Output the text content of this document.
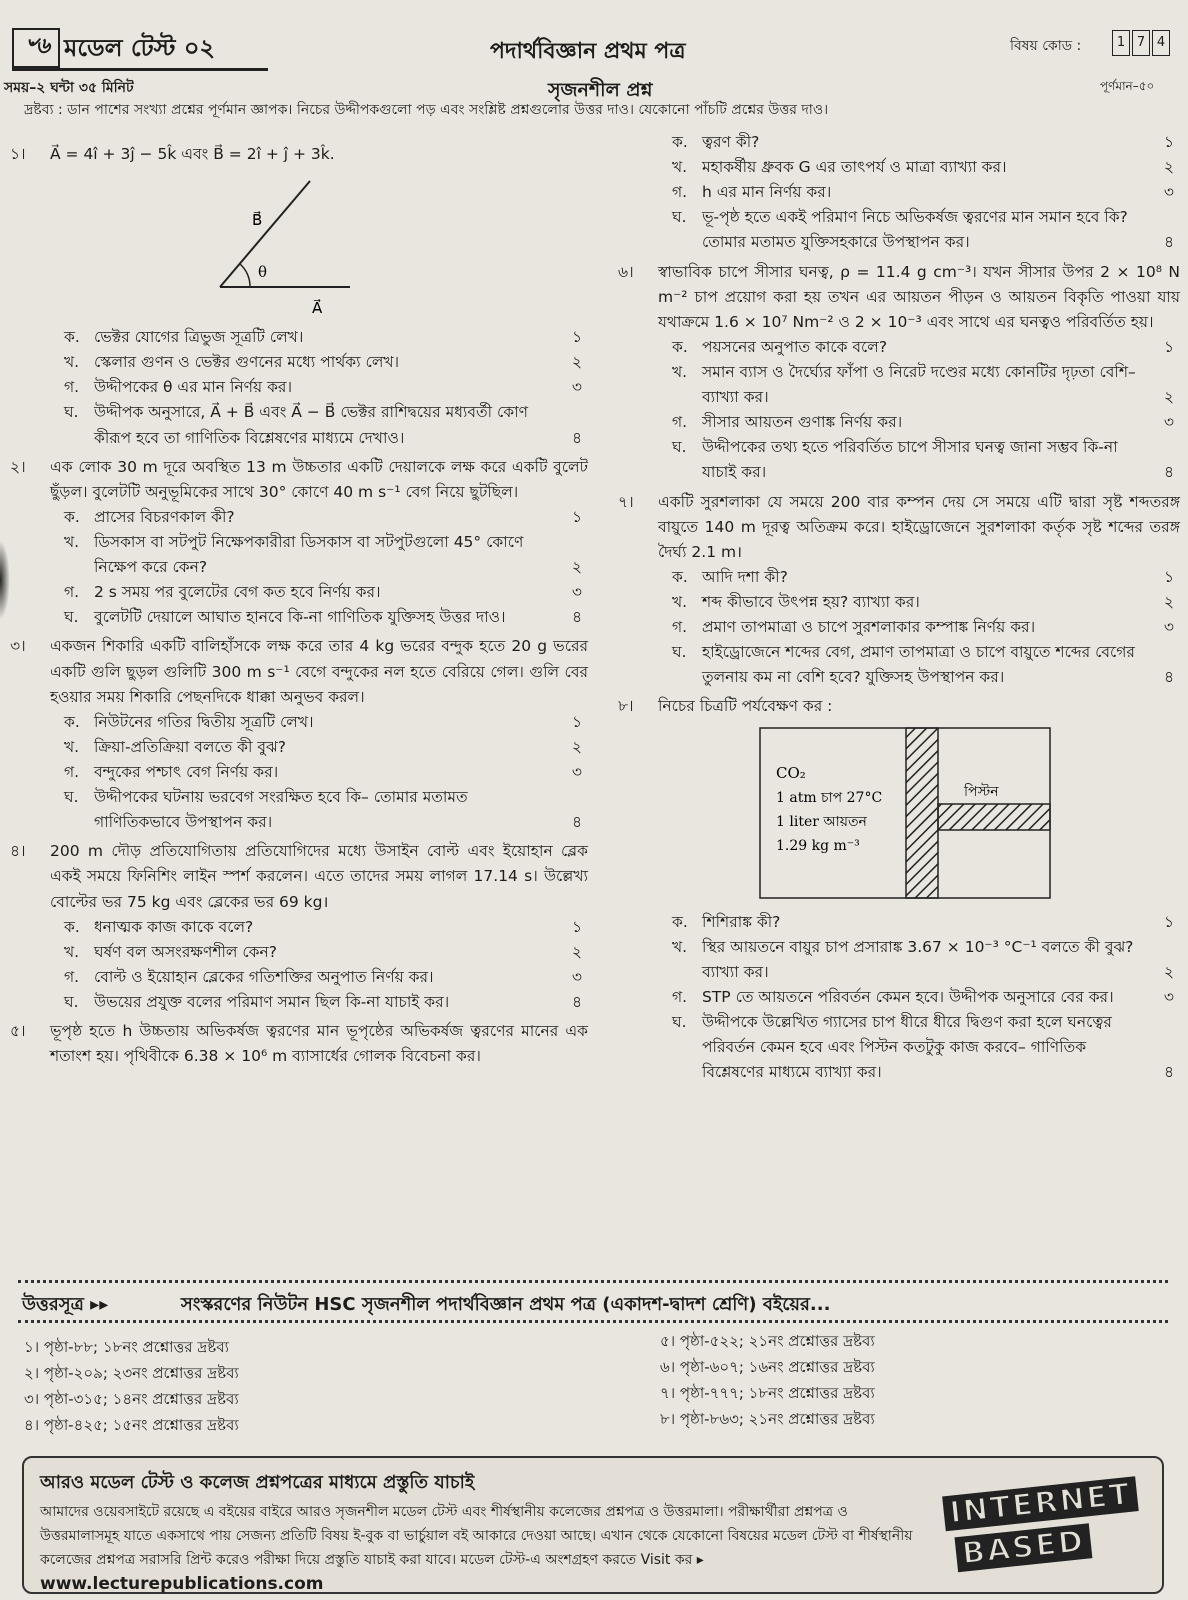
৺৬ মডেল টেস্ট ০২
সময়–২ ঘন্টা ৩৫ মিনিট
পদার্থবিজ্ঞান প্রথম পত্র
সৃজনশীল প্রশ্ন
বিষয় কোড :	1 7 4
পূর্ণমান–৫০
দ্রষ্টব্য : ডান পাশের সংখ্যা প্রশ্নের পূর্ণমান জ্ঞাপক। নিচের উদ্দীপকগুলো পড় এবং সংশ্লিষ্ট প্রশ্নগুলোর উত্তর দাও। যেকোনো পাঁচটি প্রশ্নের উত্তর দাও।
১। A⃗ = 4î + 3ĵ − 5k̂ এবং B⃗ = 2î + ĵ + 3k̂.
B⃗
θ
A⃗
ক. ভেক্টর যোগের ত্রিভুজ সূত্রটি লেখ।	১
খ. স্কেলার গুণন ও ভেক্টর গুণনের মধ্যে পার্থক্য লেখ।	২
গ. উদ্দীপকের θ এর মান নির্ণয় কর।	৩
ঘ. উদ্দীপক অনুসারে, A⃗ + B⃗ এবং A⃗ − B⃗ ভেক্টর রাশিদ্বয়ের মধ্যবর্তী কোণ কীরূপ হবে তা গাণিতিক বিশ্লেষণের মাধ্যমে দেখাও।	৪
২। এক লোক 30 m দূরে অবস্থিত 13 m উচ্চতার একটি দেয়ালকে লক্ষ করে একটি বুলেট ছুঁড়ল। বুলেটটি অনুভূমিকের সাথে 30° কোণে 40 m s⁻¹ বেগ নিয়ে ছুটছিল।
ক. প্রাসের বিচরণকাল কী?	১
খ. ডিসকাস বা সটপুট নিক্ষেপকারীরা ডিসকাস বা সটপুটগুলো 45° কোণে নিক্ষেপ করে কেন?	২
গ. 2 s সময় পর বুলেটের বেগ কত হবে নির্ণয় কর।	৩
ঘ. বুলেটটি দেয়ালে আঘাত হানবে কি-না গাণিতিক যুক্তিসহ উত্তর দাও।	৪
৩। একজন শিকারি একটি বালিহাঁসকে লক্ষ করে তার 4 kg ভরের বন্দুক হতে 20 g ভরের একটি গুলি ছুড়ল গুলিটি 300 m s⁻¹ বেগে বন্দুকের নল হতে বেরিয়ে গেল। গুলি বের হওয়ার সময় শিকারি পেছনদিকে ধাক্কা অনুভব করল।
ক. নিউটনের গতির দ্বিতীয় সূত্রটি লেখ।	১
খ. ক্রিয়া-প্রতিক্রিয়া বলতে কী বুঝ?	২
গ. বন্দুকের পশ্চাৎ বেগ নির্ণয় কর।	৩
ঘ. উদ্দীপকের ঘটনায় ভরবেগ সংরক্ষিত হবে কি– তোমার মতামত গাণিতিকভাবে উপস্থাপন কর।	৪
৪। 200 m দৌড় প্রতিযোগিতায় প্রতিযোগিদের মধ্যে উসাইন বোল্ট এবং ইয়োহান ব্লেক একই সময়ে ফিনিশিং লাইন স্পর্শ করলেন। এতে তাদের সময় লাগল 17.14 s। উল্লেখ্য বোল্টের ভর 75 kg এবং ব্লেকের ভর 69 kg।
ক. ধনাত্মক কাজ কাকে বলে?	১
খ. ঘর্ষণ বল অসংরক্ষণশীল কেন?	২
গ. বোল্ট ও ইয়োহান ব্লেকের গতিশক্তির অনুপাত নির্ণয় কর।	৩
ঘ. উভয়ের প্রযুক্ত বলের পরিমাণ সমান ছিল কি-না যাচাই কর।	৪
৫। ভূপৃষ্ঠ হতে h উচ্চতায় অভিকর্ষজ ত্বরণের মান ভূপৃষ্ঠের অভিকর্ষজ ত্বরণের মানের এক শতাংশ হয়। পৃথিবীকে 6.38 × 10⁶ m ব্যাসার্ধের গোলক বিবেচনা কর।
ক. ত্বরণ কী?	১
খ. মহাকর্ষীয় ধ্রুবক G এর তাৎপর্য ও মাত্রা ব্যাখ্যা কর।	২
গ. h এর মান নির্ণয় কর।	৩
ঘ. ভূ-পৃষ্ঠ হতে একই পরিমাণ নিচে অভিকর্ষজ ত্বরণের মান সমান হবে কি? তোমার মতামত যুক্তিসহকারে উপস্থাপন কর।	৪
৬। স্বাভাবিক চাপে সীসার ঘনত্ব, ρ = 11.4 g cm⁻³। যখন সীসার উপর 2 × 10⁸ N m⁻² চাপ প্রয়োগ করা হয় তখন এর আয়তন পীড়ন ও আয়তন বিকৃতি পাওয়া যায় যথাক্রমে 1.6 × 10⁷ Nm⁻² ও 2 × 10⁻³ এবং সাথে এর ঘনত্বও পরিবর্তিত হয়।
ক. পয়সনের অনুপাত কাকে বলে?	১
খ. সমান ব্যাস ও দৈর্ঘ্যের ফাঁপা ও নিরেট দণ্ডের মধ্যে কোনটির দৃঢ়তা বেশি– ব্যাখ্যা কর।	২
গ. সীসার আয়তন গুণাঙ্ক নির্ণয় কর।	৩
ঘ. উদ্দীপকের তথ্য হতে পরিবর্তিত চাপে সীসার ঘনত্ব জানা সম্ভব কি-না যাচাই কর।	৪
৭। একটি সুরশলাকা যে সময়ে 200 বার কম্পন দেয় সে সময়ে এটি দ্বারা সৃষ্ট শব্দতরঙ্গ বায়ুতে 140 m দূরত্ব অতিক্রম করে। হাইড্রোজেনে সুরশলাকা কর্তৃক সৃষ্ট শব্দের তরঙ্গ দৈর্ঘ্য 2.1 m।
ক. আদি দশা কী?	১
খ. শব্দ কীভাবে উৎপন্ন হয়? ব্যাখ্যা কর।	২
গ. প্রমাণ তাপমাত্রা ও চাপে সুরশলাকার কম্পাঙ্ক নির্ণয় কর।	৩
ঘ. হাইড্রোজেনে শব্দের বেগ, প্রমাণ তাপমাত্রা ও চাপে বায়ুতে শব্দের বেগের তুলনায় কম না বেশি হবে? যুক্তিসহ উপস্থাপন কর।	৪
৮। নিচের চিত্রটি পর্যবেক্ষণ কর :
CO₂
1 atm চাপ 27°C
1 liter আয়তন
1.29 kg m⁻³
পিস্টন
ক. শিশিরাঙ্ক কী?	১
খ. স্থির আয়তনে বায়ুর চাপ প্রসারাঙ্ক 3.67 × 10⁻³ °C⁻¹ বলতে কী বুঝ? ব্যাখ্যা কর।	২
গ. STP তে আয়তনে পরিবর্তন কেমন হবে। উদ্দীপক অনুসারে বের কর।	৩
ঘ. উদ্দীপকে উল্লেখিত গ্যাসের চাপ ধীরে ধীরে দ্বিগুণ করা হলে ঘনত্বের পরিবর্তন কেমন হবে এবং পিস্টন কতটুকু কাজ করবে– গাণিতিক বিশ্লেষণের মাধ্যমে ব্যাখ্যা কর।	৪
উত্তরসূত্র ▸▸	সংস্করণের নিউটন HSC সৃজনশীল পদার্থবিজ্ঞান প্রথম পত্র (একাদশ-দ্বাদশ শ্রেণি) বইয়ের...
১। পৃষ্ঠা-৮৮; ১৮নং প্রশ্নোত্তর দ্রষ্টব্য
২। পৃষ্ঠা-২০৯; ২৩নং প্রশ্নোত্তর দ্রষ্টব্য
৩। পৃষ্ঠা-৩১৫; ১৪নং প্রশ্নোত্তর দ্রষ্টব্য
৪। পৃষ্ঠা-৪২৫; ১৫নং প্রশ্নোত্তর দ্রষ্টব্য
৫। পৃষ্ঠা-৫২২; ২১নং প্রশ্নোত্তর দ্রষ্টব্য
৬। পৃষ্ঠা-৬০৭; ১৬নং প্রশ্নোত্তর দ্রষ্টব্য
৭। পৃষ্ঠা-৭৭৭; ১৮নং প্রশ্নোত্তর দ্রষ্টব্য
৮। পৃষ্ঠা-৮৬৩; ২১নং প্রশ্নোত্তর দ্রষ্টব্য
আরও মডেল টেস্ট ও কলেজ প্রশ্নপত্রের মাধ্যমে প্রস্তুতি যাচাই
আমাদের ওয়েবসাইটে রয়েছে এ বইয়ের বাইরে আরও সৃজনশীল মডেল টেস্ট এবং শীর্ষস্থানীয় কলেজের প্রশ্নপত্র ও উত্তরমালা। পরীক্ষার্থীরা প্রশ্নপত্র ও উত্তরমালাসমূহ যাতে একসাথে পায় সেজন্য প্রতিটি বিষয় ই-বুক বা ভার্চুয়াল বই আকারে দেওয়া আছে। এখান থেকে যেকোনো বিষয়ের মডেল টেস্ট বা শীর্ষস্থানীয় কলেজের প্রশ্নপত্র সরাসরি প্রিন্ট করেও পরীক্ষা দিয়ে প্রস্তুতি যাচাই করা যাবে। মডেল টেস্ট-এ অংশগ্রহণ করতে Visit কর ▸ www.lecturepublications.com
INTERNET
BASED
